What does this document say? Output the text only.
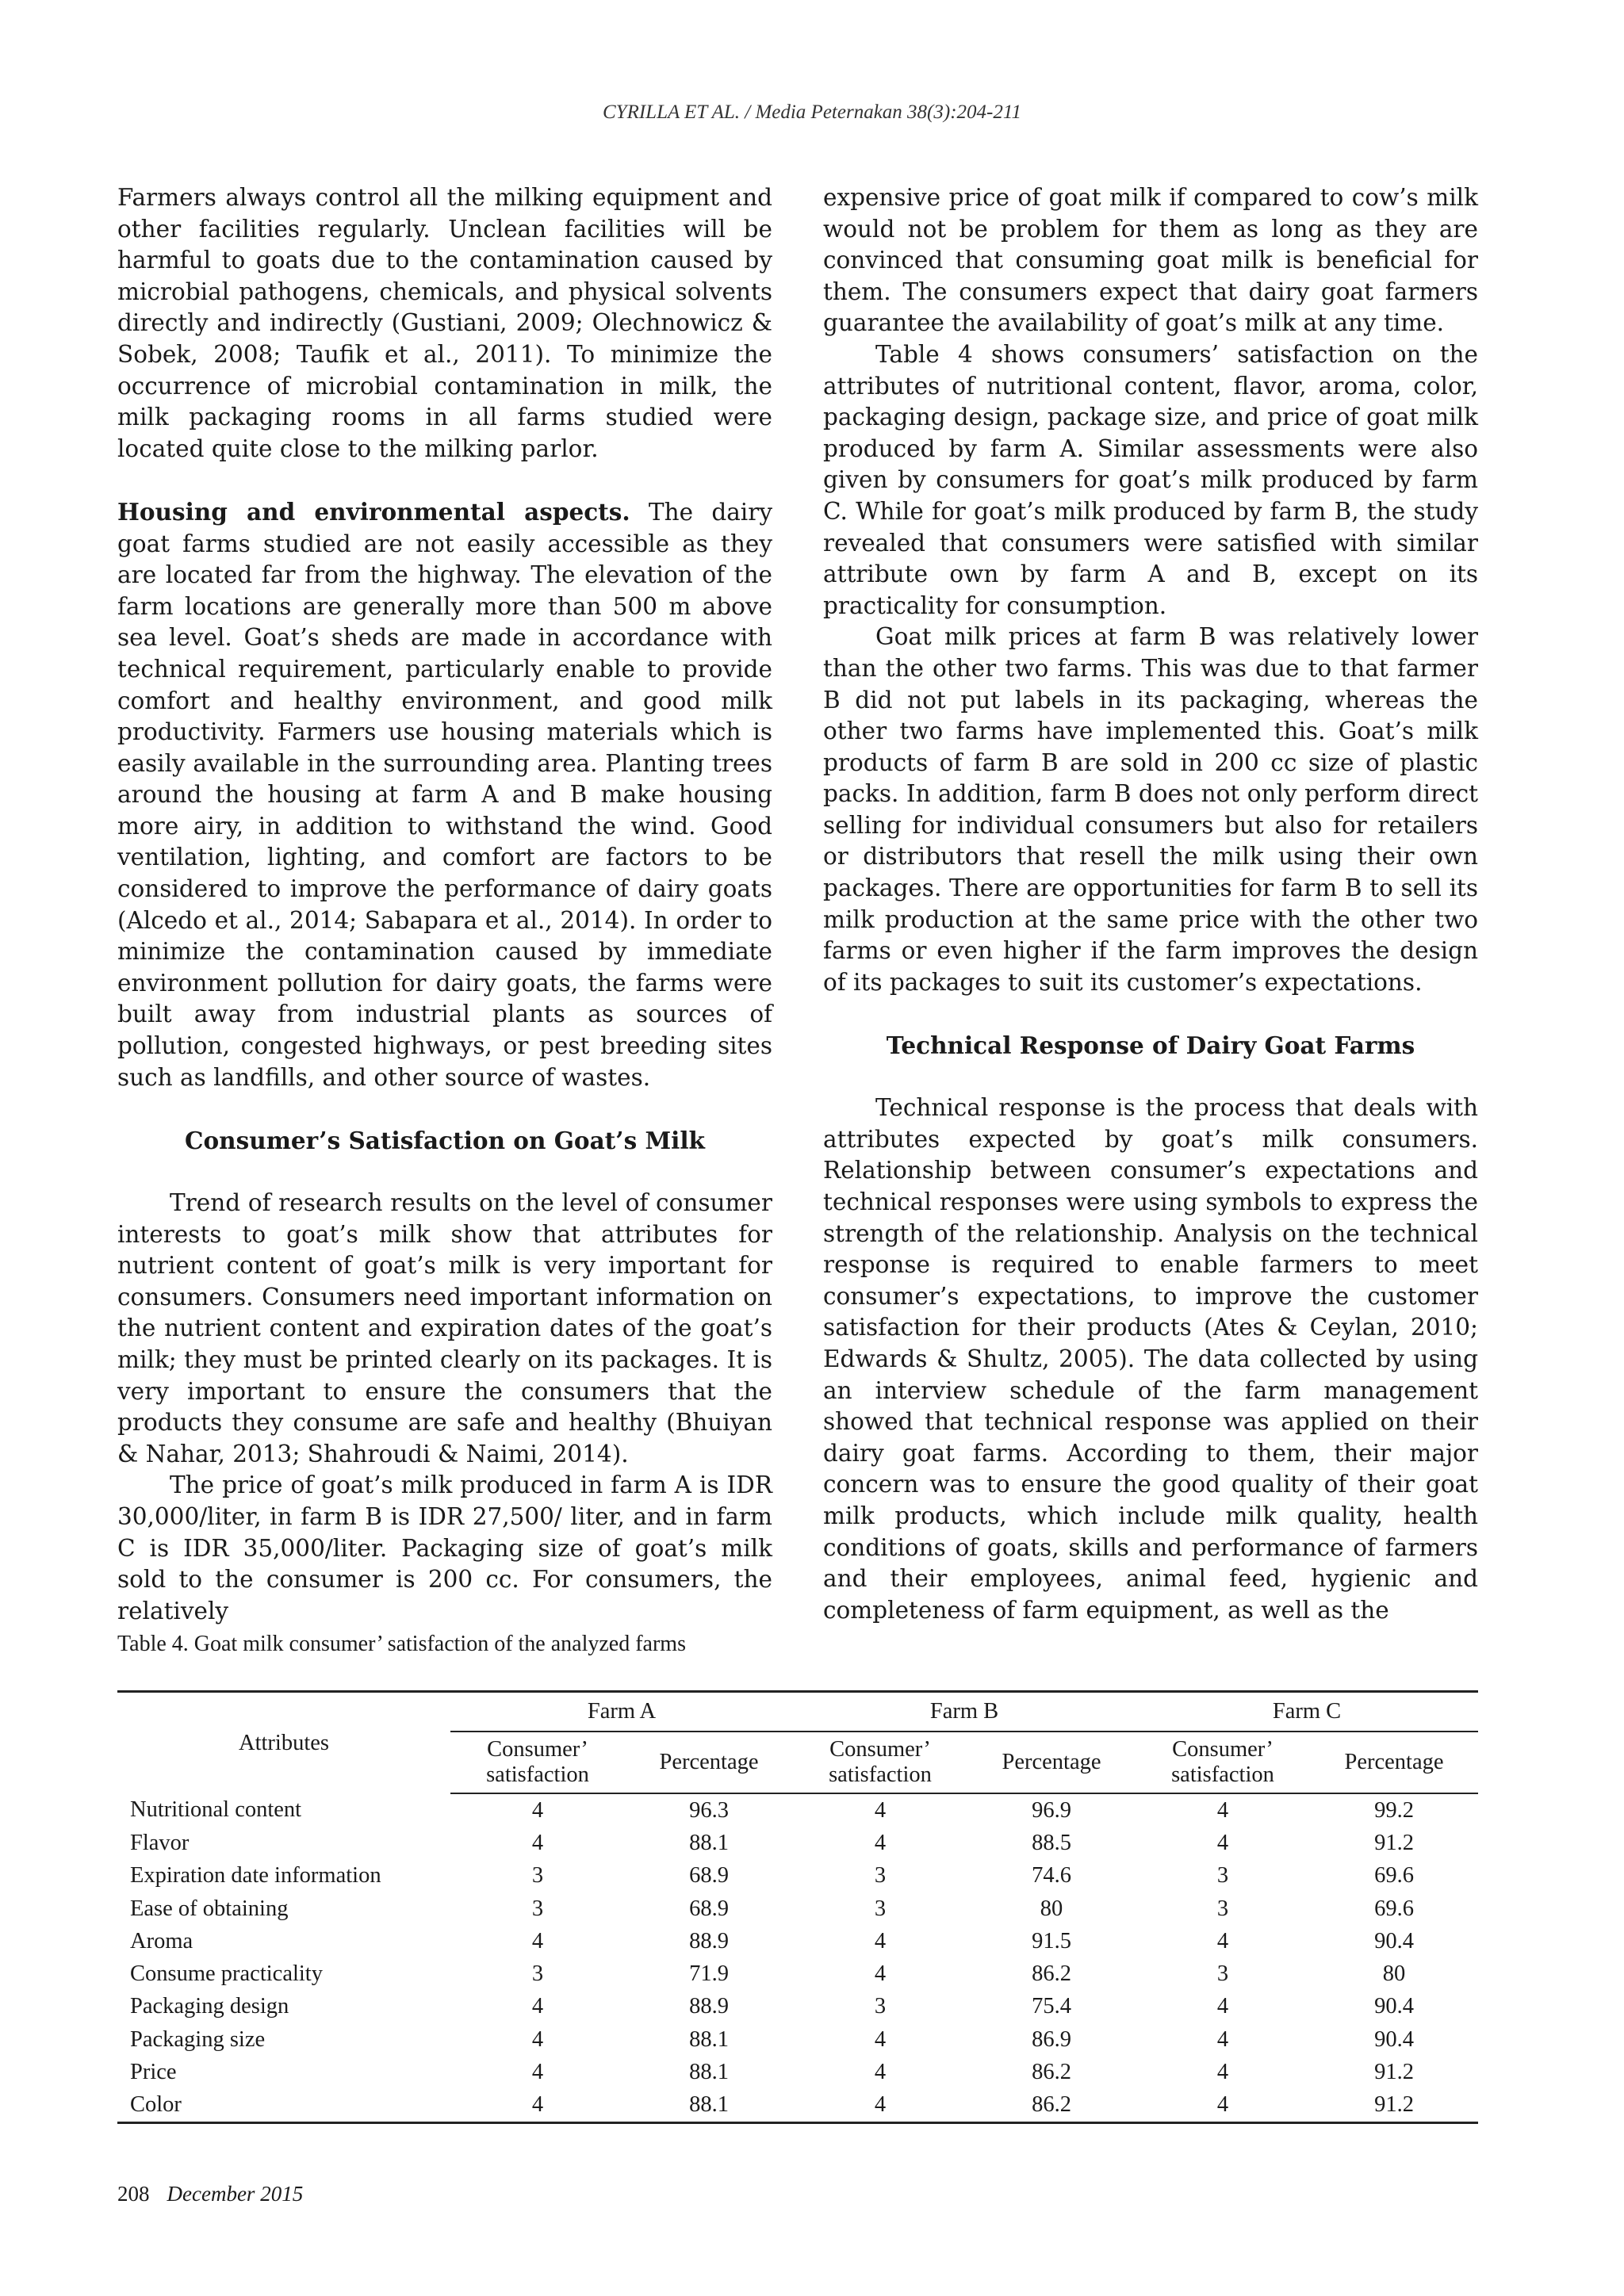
CYRILLA ET AL. / Media Peternakan 38(3):204-211

Farmers always control all the milking equipment and other facilities regularly. Unclean facilities will be harmful to goats due to the contamination caused by microbial pathogens, chemicals, and physical solvents directly and indirectly (Gustiani, 2009; Olechnowicz & Sobek, 2008; Taufik et al., 2011). To minimize the occurrence of microbial contamination in milk, the milk packaging rooms in all farms studied were located quite close to the milking parlor.

Housing and environmental aspects. The dairy goat farms studied are not easily accessible as they are located far from the highway. The elevation of the farm locations are generally more than 500 m above sea level. Goat’s sheds are made in accordance with technical requirement, particularly enable to provide comfort and healthy environment, and good milk productivity. Farmers use housing materials which is easily available in the surrounding area. Planting trees around the housing at farm A and B make housing more airy, in addition to withstand the wind. Good ventilation, lighting, and comfort are factors to be considered to improve the performance of dairy goats (Alcedo et al., 2014; Sabapara et al., 2014). In order to minimize the contamination caused by immediate environment pollution for dairy goats, the farms were built away from industrial plants as sources of pollution, congested highways, or pest breeding sites such as landfills, and other source of wastes.

Consumer’s Satisfaction on Goat’s Milk

Trend of research results on the level of consumer interests to goat’s milk show that attributes for nutrient content of goat’s milk is very important for consumers. Consumers need important information on the nutrient content and expiration dates of the goat’s milk; they must be printed clearly on its packages. It is very important to ensure the consumers that the products they consume are safe and healthy (Bhuiyan & Nahar, 2013; Shahroudi & Naimi, 2014).

The price of goat’s milk produced in farm A is IDR 30,000/liter, in farm B is IDR 27,500/ liter, and in farm C is IDR 35,000/liter. Packaging size of goat’s milk sold to the consumer is 200 cc. For consumers, the relatively

expensive price of goat milk if compared to cow’s milk would not be problem for them as long as they are convinced that consuming goat milk is beneficial for them. The consumers expect that dairy goat farmers guarantee the availability of goat’s milk at any time.

Table 4 shows consumers’ satisfaction on the attributes of nutritional content, flavor, aroma, color, packaging design, package size, and price of goat milk produced by farm A. Similar assessments were also given by consumers for goat’s milk produced by farm C. While for goat’s milk produced by farm B, the study revealed that consumers were satisfied with similar attribute own by farm A and B, except on its practicality for consumption.

Goat milk prices at farm B was relatively lower than the other two farms. This was due to that farmer B did not put labels in its packaging, whereas the other two farms have implemented this. Goat’s milk products of farm B are sold in 200 cc size of plastic packs. In addition, farm B does not only perform direct selling for individual consumers but also for retailers or distributors that resell the milk using their own packages. There are opportunities for farm B to sell its milk production at the same price with the other two farms or even higher if the farm improves the design of its packages to suit its customer’s expectations.

Technical Response of Dairy Goat Farms

Technical response is the process that deals with attributes expected by goat’s milk consumers. Relationship between consumer’s expectations and technical responses were using symbols to express the strength of the relationship. Analysis on the technical response is required to enable farmers to meet consumer’s expectations, to improve the customer satisfaction for their products (Ates & Ceylan, 2010; Edwards & Shultz, 2005). The data collected by using an interview schedule of the farm management showed that technical response was applied on their dairy goat farms. According to them, their major concern was to ensure the good quality of their goat milk products, which include milk quality, health conditions of goats, skills and performance of farmers and their employees, animal feed, hygienic and completeness of farm equipment, as well as the

Table 4. Goat milk consumer’ satisfaction of the analyzed farms
Attributes	Farm A		Farm B		Farm C	
	Consumer’ satisfaction	Percentage	Consumer’ satisfaction	Percentage	Consumer’ satisfaction	Percentage
Nutritional content	4	96.3	4	96.9	4	99.2
Flavor	4	88.1	4	88.5	4	91.2
Expiration date information	3	68.9	3	74.6	3	69.6
Ease of obtaining	3	68.9	3	80	3	69.6
Aroma	4	88.9	4	91.5	4	90.4
Consume practicality	3	71.9	4	86.2	3	80
Packaging design	4	88.9	3	75.4	4	90.4
Packaging size	4	88.1	4	86.9	4	90.4
Price	4	88.1	4	86.2	4	91.2
Color	4	88.1	4	86.2	4	91.2
208 December 2015
